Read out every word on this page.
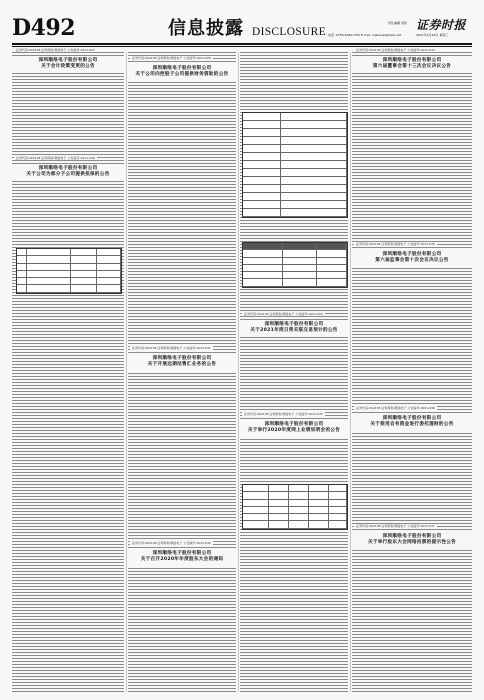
D492	信息披露 DISCLOSURE
责任编辑 刘某 证券时报
电话: 0755-83501750 E-mail: zqsbxxpl@zqrb.net	2021年4月28日 星期三
证券代码:002138 证券简称:顺络电子 公告编号:2021-027
深圳顺络电子股份有限公司
关于会计政策变更的公告
证券代码:002138 证券简称:顺络电子 公告编号:2021-030
深圳顺络电子股份有限公司
关于公司为部分子公司提供担保的公告
证券代码:002138 证券简称:顺络电子 公告编号:2021-028
深圳顺络电子股份有限公司
关于公司向控股子公司提供财务资助的公告
证券代码:002138 证券简称:顺络电子 公告编号:2021-031
深圳顺络电子股份有限公司
关于开展远期结售汇业务的公告
证券代码:002138 证券简称:顺络电子 公告编号:2021-032
深圳顺络电子股份有限公司
关于召开2020年年度股东大会的通知
证券代码:002138 证券简称:顺络电子 公告编号:2021-029
深圳顺络电子股份有限公司
关于2021年度日常关联交易预计的公告
证券代码:002138 证券简称:顺络电子 公告编号:2021-033
深圳顺络电子股份有限公司
关于举行2020年度网上业绩说明会的公告
证券代码:002138 证券简称:顺络电子 公告编号:2021-034
深圳顺络电子股份有限公司
第六届董事会第十三次会议决议公告
证券代码:002138 证券简称:顺络电子 公告编号:2021-035
深圳顺络电子股份有限公司
第六届监事会第十次会议决议公告
证券代码:002138 证券简称:顺络电子 公告编号:2021-036
深圳顺络电子股份有限公司
关于使用自有资金进行委托理财的公告
证券代码:002138 证券简称:顺络电子 公告编号:2021-037
深圳顺络电子股份有限公司
关于举行股东大会网络投票的提示性公告
